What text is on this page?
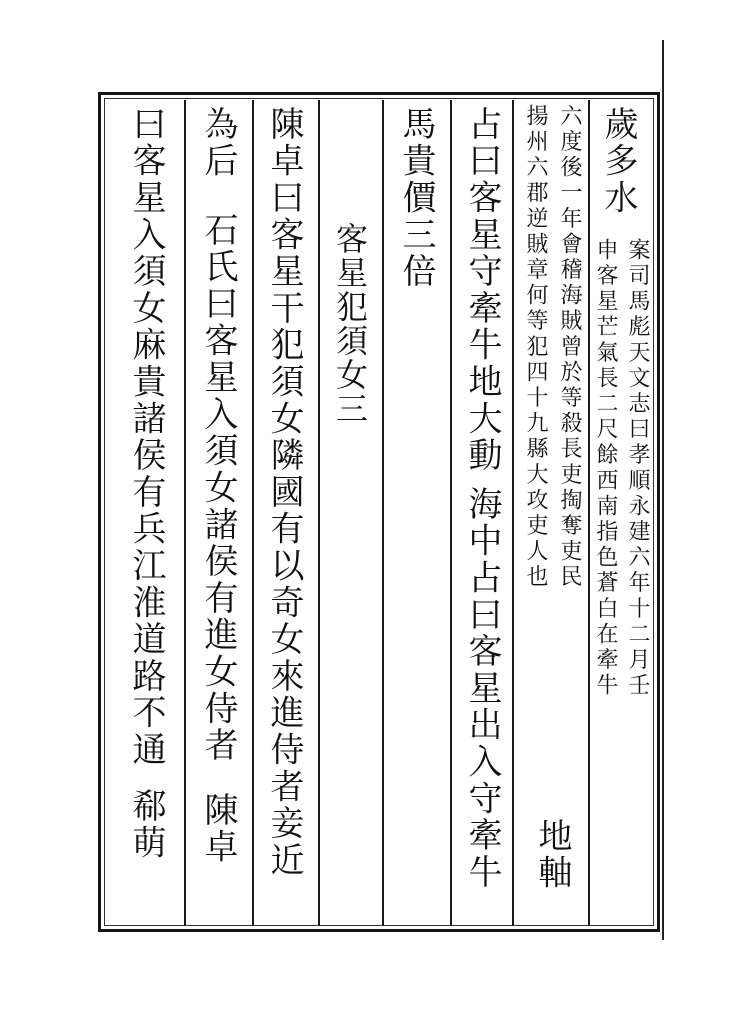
歲多水
案司馬彪天文志曰孝順永建六年十二月壬
申客星芒氣長二尺餘西南指色蒼白在牽牛
六度後一年會稽海賊曾於等殺長吏掏奪吏民
揚州六郡逆賊章何等犯四十九縣大攻吏人也
地軸
占曰客星守牽牛地大動海中占曰客星出入守牽牛
馬貴價三倍
客星犯須女三
陳卓曰客星干犯須女隣國有以奇女來進侍者妾近
為后石氏曰客星入須女諸侯有進女侍者陳卓
曰客星入須女麻貴諸侯有兵江淮道路不通郗萌
